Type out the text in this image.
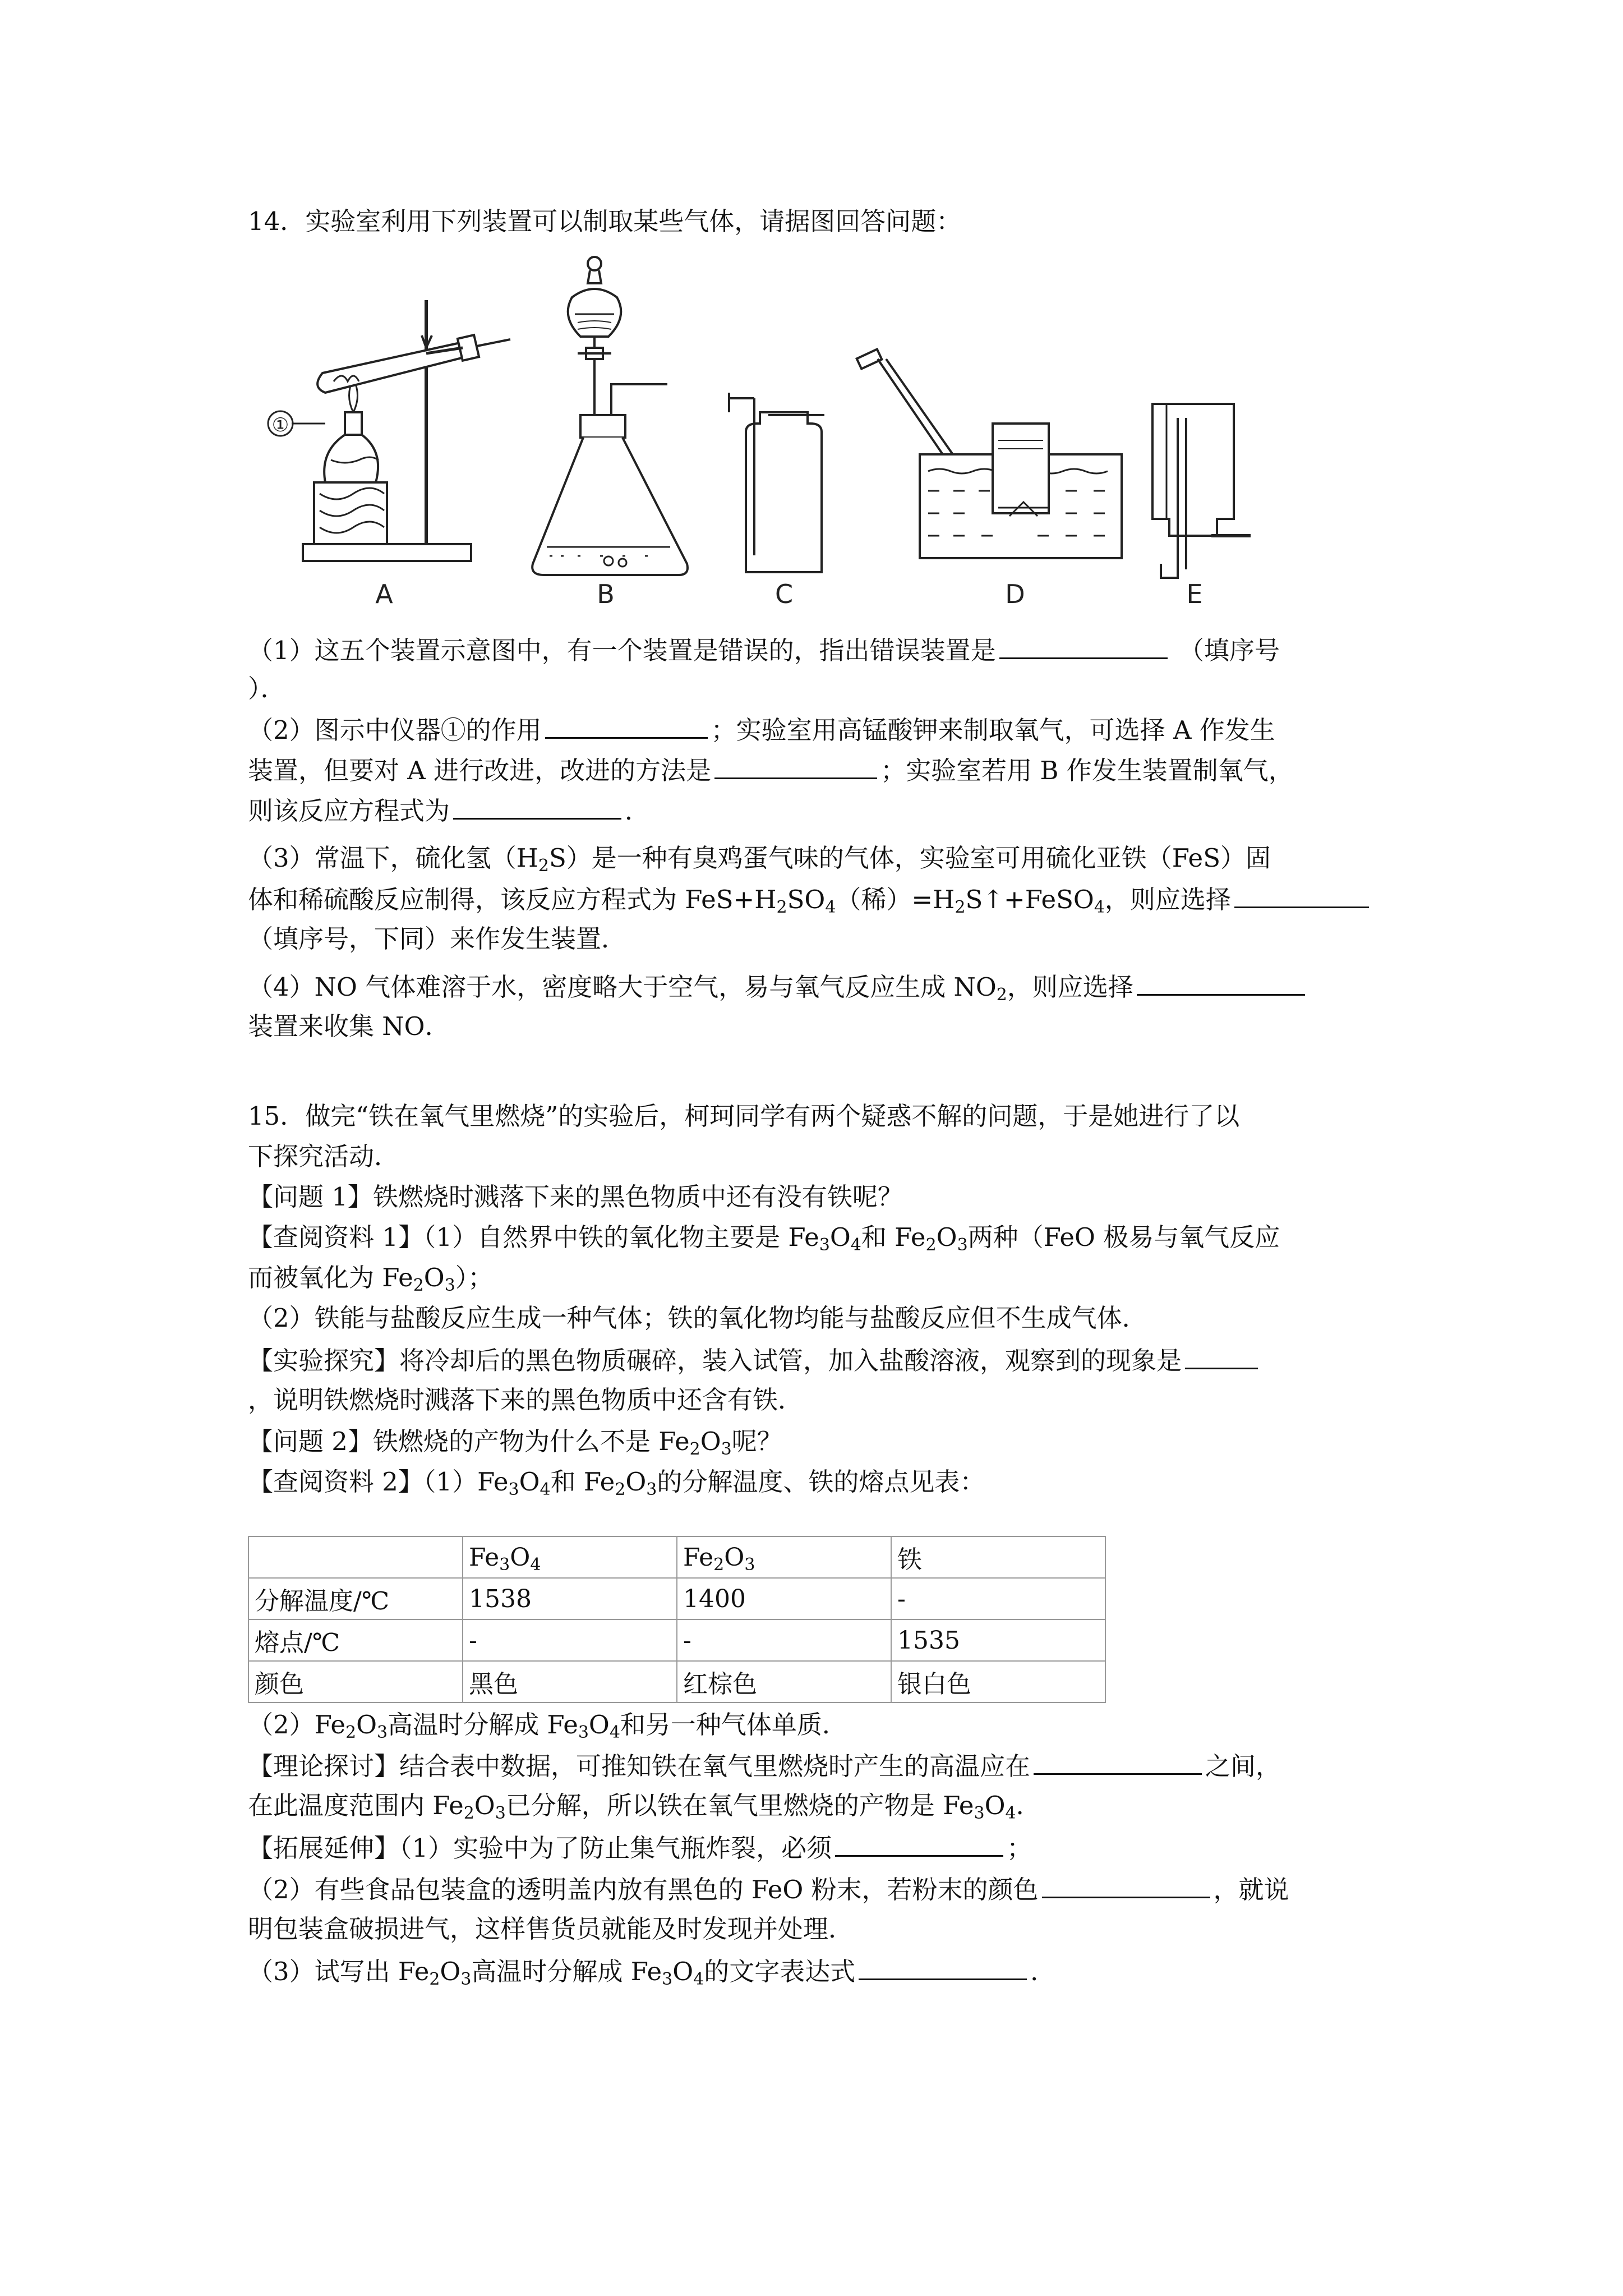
14．实验室利用下列装置可以制取某些气体，请据图回答问题：
①
A	B	C	D	E
（1）这五个装置示意图中，有一个装置是错误的，指出错误装置是	（填序号
）．
（2）图示中仪器①的作用	；实验室用高锰酸钾来制取氧气，可选择 A 作发生
装置，但要对 A 进行改进，改进的方法是	；实验室若用 B 作发生装置制氧气，
则该反应方程式为	．
（3）常温下，硫化氢$(H_2S)$是一种有臭鸡蛋气味的气体，实验室可用硫化亚铁（FeS）固
体和稀硫酸反应制得，该反应方程式为 $FeS+H_2SO_4$（稀）$=H_2S↑+FeSO_4$，则应选择
（填序号，下同）来作发生装置．
（4）NO 气体难溶于水，密度略大于空气，易与氧气反应生成 $NO_2$，则应选择
装置来收集 NO．
15．做完“铁在氧气里燃烧”的实验后，柯珂同学有两个疑惑不解的问题，于是她进行了以
下探究活动．
【问题 1】铁燃烧时溅落下来的黑色物质中还有没有铁呢？
【查阅资料 1】（1）自然界中铁的氧化物主要是 $Fe_3O_4$和 $Fe_2O_3$两种（FeO 极易与氧气反应
而被氧化为 $Fe_2O_3$）；
（2）铁能与盐酸反应生成一种气体；铁的氧化物均能与盐酸反应但不生成气体．
【实验探究】将冷却后的黑色物质碾碎，装入试管，加入盐酸溶液，观察到的现象是
，说明铁燃烧时溅落下来的黑色物质中还含有铁．
【问题 2】铁燃烧的产物为什么不是 $Fe_2O_3$呢？
【查阅资料 2】$(1)Fe_3O_4$和 $Fe_2O_3$的分解温度、铁的熔点见表：
	$Fe_3O_4$	$Fe_2O_3$	铁
分解温度/℃	1538	1400	-
熔点/℃	-	-	1535
颜色	黑色	红棕色	银白色
$(2)Fe_2O_3$高温时分解成 $Fe_3O_4$和另一种气体单质．
【理论探讨】结合表中数据，可推知铁在氧气里燃烧时产生的高温应在	之间，
在此温度范围内 $Fe_2O_3$已分解，所以铁在氧气里燃烧的产物是 $Fe_3O_4$．
【拓展延伸】（1）实验中为了防止集气瓶炸裂，必须	；
（2）有些食品包装盒的透明盖内放有黑色的 FeO 粉末，若粉末的颜色	，就说
明包装盒破损进气，这样售货员就能及时发现并处理．
（3）试写出 $Fe_2O_3$高温时分解成 $Fe_3O_4$的文字表达式	．
